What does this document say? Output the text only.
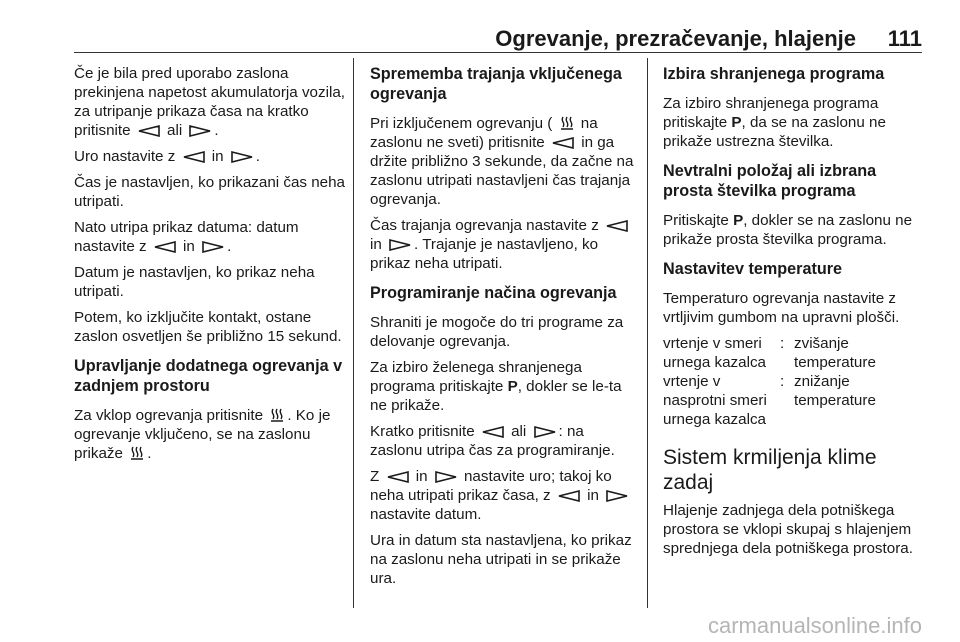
Ogrevanje, prezračevanje, hlajenje 111

Če je bila pred uporabo zaslona prekinjena napetost akumulatorja vozila, za utripanje prikaza časa na kratko pritisnite  ali .

Uro nastavite z  in .

Čas je nastavljen, ko prikazani čas neha utripati.

Nato utripa prikaz datuma: datum nastavite z  in .

Datum je nastavljen, ko prikaz neha utripati.

Potem, ko izključite kontakt, ostane zaslon osvetljen še približno 15 sekund.

Upravljanje dodatnega ogrevanja v zadnjem prostoru

Za vklop ogrevanja pritisnite . Ko je ogrevanje vključeno, se na zaslonu prikaže .

Sprememba trajanja vključenega ogrevanja

Pri izključenem ogrevanju (  na zaslonu ne sveti) pritisnite  in ga držite približno 3 sekunde, da začne na zaslonu utripati nastavljeni čas trajanja ogrevanja.

Čas trajanja ogrevanja nastavite z  in . Trajanje je nastavljeno, ko prikaz neha utripati.

Programiranje načina ogrevanja

Shraniti je mogoče do tri programe za delovanje ogrevanja.

Za izbiro želenega shranjenega programa pritiskajte P, dokler se le-ta ne prikaže.

Kratko pritisnite  ali : na zaslonu utripa čas za programiranje.

Z  in  nastavite uro; takoj ko neha utripati prikaz časa, z  in  nastavite datum.

Ura in datum sta nastavljena, ko prikaz na zaslonu neha utripati in se prikaže ura.

Izbira shranjenega programa

Za izbiro shranjenega programa pritiskajte P, da se na zaslonu ne prikaže ustrezna številka.

Nevtralni položaj ali izbrana prosta številka programa

Pritiskajte P, dokler se na zaslonu ne prikaže prosta številka programa.

Nastavitev temperature

Temperaturo ogrevanja nastavite z vrtljivim gumbom na upravni plošči.

vrtenje v smeri urnega kazalca
: zvišanje temperature
vrtenje v nasprotni smeri urnega kazalca
: znižanje temperature
Sistem krmiljenja klime zadaj

Hlajenje zadnjega dela potniškega prostora se vklopi skupaj s hlajenjem sprednjega dela potniškega prostora.

carmanualsonline.info
